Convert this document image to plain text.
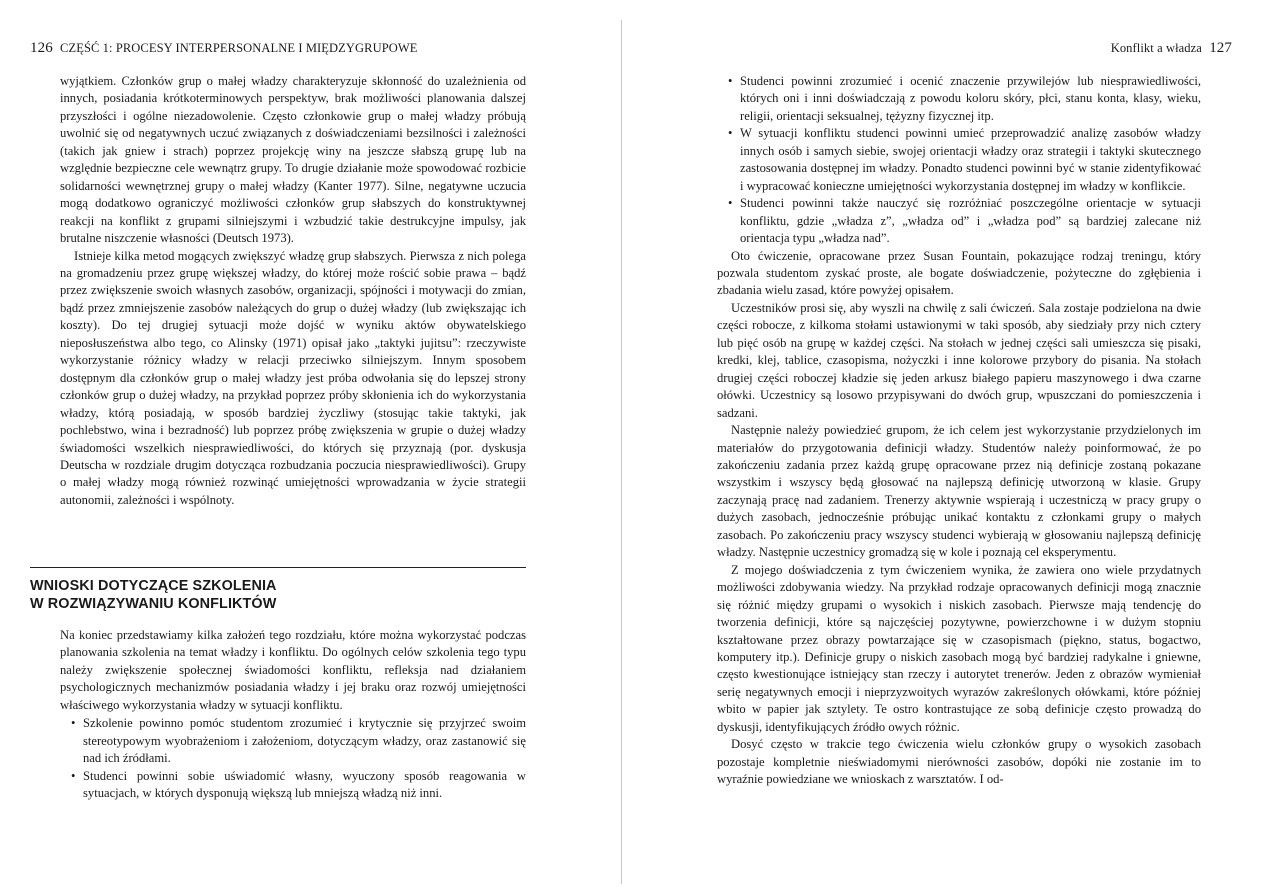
126 CZĘŚĆ 1: PROCESY INTERPERSONALNE I MIĘDZYGRUPOWE

wyjątkiem. Członków grup o małej władzy charakteryzuje skłonność do uzależnienia od innych, posiadania krótkoterminowych perspektyw, brak możliwości planowania dalszej przyszłości i ogólne niezadowolenie. Często członkowie grup o małej władzy próbują uwolnić się od negatywnych uczuć związanych z doświadczeniami bezsilności i zależności (takich jak gniew i strach) poprzez projekcję winy na jeszcze słabszą grupę lub na względnie bezpieczne cele wewnątrz grupy. To drugie działanie może spowodować rozbicie solidarności wewnętrznej grupy o małej władzy (Kanter 1977). Silne, negatywne uczucia mogą dodatkowo ograniczyć możliwości członków grup słabszych do konstruktywnej reakcji na konflikt z grupami silniejszymi i wzbudzić takie destrukcyjne impulsy, jak brutalne niszczenie własności (Deutsch 1973).

Istnieje kilka metod mogących zwiększyć władzę grup słabszych. Pierwsza z nich polega na gromadzeniu przez grupę większej władzy, do której może rościć sobie prawa – bądź przez zwiększenie swoich własnych zasobów, organizacji, spójności i motywacji do zmian, bądź przez zmniejszenie zasobów należących do grup o dużej władzy (lub zwiększając ich koszty). Do tej drugiej sytuacji może dojść w wyniku aktów obywatelskiego nieposłuszeństwa albo tego, co Alinsky (1971) opisał jako „taktyki jujitsu”: rzeczywiste wykorzystanie różnicy władzy w relacji przeciwko silniejszym. Innym sposobem dostępnym dla członków grup o małej władzy jest próba odwołania się do lepszej strony członków grup o dużej władzy, na przykład poprzez próby skłonienia ich do wykorzystania władzy, którą posiadają, w sposób bardziej życzliwy (stosując takie taktyki, jak pochlebstwo, wina i bezradność) lub poprzez próbę zwiększenia w grupie o dużej władzy świadomości wszelkich niesprawiedliwości, do których się przyznają (por. dyskusja Deutscha w rozdziale drugim dotycząca rozbudzania poczucia niesprawiedliwości). Grupy o małej władzy mogą również rozwinąć umiejętności wprowadzania w życie strategii autonomii, zależności i wspólnoty.

WNIOSKI DOTYCZĄCE SZKOLENIA
W ROZWIĄZYWANIU KONFLIKTÓW

Na koniec przedstawiamy kilka założeń tego rozdziału, które można wykorzystać podczas planowania szkolenia na temat władzy i konfliktu. Do ogólnych celów szkolenia tego typu należy zwiększenie społecznej świadomości konfliktu, refleksja nad działaniem psychologicznych mechanizmów posiadania władzy i jej braku oraz rozwój umiejętności właściwego wykorzystania władzy w sytuacji konfliktu.

• Szkolenie powinno pomóc studentom zrozumieć i krytycznie się przyjrzeć swoim stereotypowym wyobrażeniom i założeniom, dotyczącym władzy, oraz zastanowić się nad ich źródłami.
• Studenci powinni sobie uświadomić własny, wyuczony sposób reagowania w sytuacjach, w których dysponują większą lub mniejszą władzą niż inni.
Konflikt a władza 127
• Studenci powinni zrozumieć i ocenić znaczenie przywilejów lub niesprawiedliwości, których oni i inni doświadczają z powodu koloru skóry, płci, stanu konta, klasy, wieku, religii, orientacji seksualnej, tężyzny fizycznej itp.
• W sytuacji konfliktu studenci powinni umieć przeprowadzić analizę zasobów władzy innych osób i samych siebie, swojej orientacji władzy oraz strategii i taktyki skutecznego zastosowania dostępnej im władzy. Ponadto studenci powinni być w stanie zidentyfikować i wypracować konieczne umiejętności wykorzystania dostępnej im władzy w konflikcie.
• Studenci powinni także nauczyć się rozróżniać poszczególne orientacje w sytuacji konfliktu, gdzie „władza z”, „władza od” i „władza pod” są bardziej zalecane niż orientacja typu „władza nad”.

Oto ćwiczenie, opracowane przez Susan Fountain, pokazujące rodzaj treningu, który pozwala studentom zyskać proste, ale bogate doświadczenie, pożyteczne do zgłębienia i zbadania wielu zasad, które powyżej opisałem.

Uczestników prosi się, aby wyszli na chwilę z sali ćwiczeń. Sala zostaje podzielona na dwie części robocze, z kilkoma stołami ustawionymi w taki sposób, aby siedziały przy nich cztery lub pięć osób na grupę w każdej części. Na stołach w jednej części sali umieszcza się pisaki, kredki, klej, tablice, czasopisma, nożyczki i inne kolorowe przybory do pisania. Na stołach drugiej części roboczej kładzie się jeden arkusz białego papieru maszynowego i dwa czarne ołówki. Uczestnicy są losowo przypisywani do dwóch grup, wpuszczani do pomieszczenia i sadzani.

Następnie należy powiedzieć grupom, że ich celem jest wykorzystanie przydzielonych im materiałów do przygotowania definicji władzy. Studentów należy poinformować, że po zakończeniu zadania przez każdą grupę opracowane przez nią definicje zostaną pokazane wszystkim i wszyscy będą głosować na najlepszą definicję utworzoną w klasie. Grupy zaczynają pracę nad zadaniem. Trenerzy aktywnie wspierają i uczestniczą w pracy grupy o dużych zasobach, jednocześnie próbując unikać kontaktu z członkami grupy o małych zasobach. Po zakończeniu pracy wszyscy studenci wybierają w głosowaniu najlepszą definicję władzy. Następnie uczestnicy gromadzą się w kole i poznają cel eksperymentu.

Z mojego doświadczenia z tym ćwiczeniem wynika, że zawiera ono wiele przydatnych możliwości zdobywania wiedzy. Na przykład rodzaje opracowanych definicji mogą znacznie się różnić między grupami o wysokich i niskich zasobach. Pierwsze mają tendencję do tworzenia definicji, które są najczęściej pozytywne, powierzchowne i w dużym stopniu kształtowane przez obrazy powtarzające się w czasopismach (piękno, status, bogactwo, komputery itp.). Definicje grupy o niskich zasobach mogą być bardziej radykalne i gniewne, często kwestionujące istniejący stan rzeczy i autorytet trenerów. Jeden z obrazów wymieniał serię negatywnych emocji i nieprzyzwoitych wyrazów zakreślonych ołówkami, które później wbito w papier jak sztylety. Te ostro kontrastujące ze sobą definicje często prowadzą do dyskusji, identyfikujących źródło owych różnic.

Dosyć często w trakcie tego ćwiczenia wielu członków grupy o wysokich zasobach pozostaje kompletnie nieświadomymi nierówności zasobów, dopóki nie zostanie im to wyraźnie powiedziane we wnioskach z warsztatów. I od-
